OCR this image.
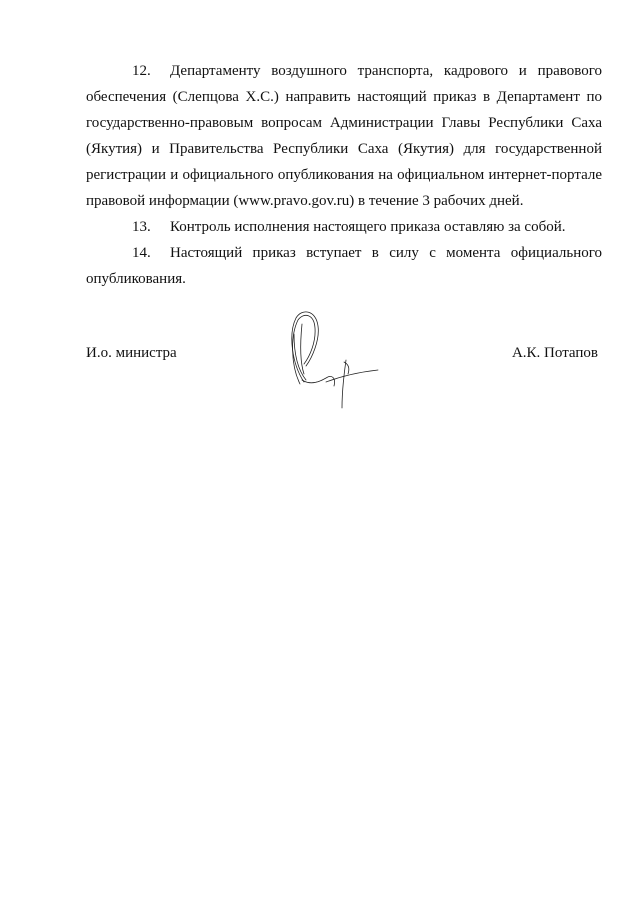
12. Департаменту воздушного транспорта, кадрового и правового обеспечения (Слепцова Х.С.) направить настоящий приказ в Департамент по государственно-правовым вопросам Администрации Главы Республики Саха (Якутия) и Правительства Республики Саха (Якутия) для государственной регистрации и официального опубликования на официальном интернет-портале правовой информации (www.pravo.gov.ru) в течение 3 рабочих дней.

13. Контроль исполнения настоящего приказа оставляю за собой.

14. Настоящий приказ вступает в силу с момента официального опубликования.

И.о. министра	А.К. Потапов
